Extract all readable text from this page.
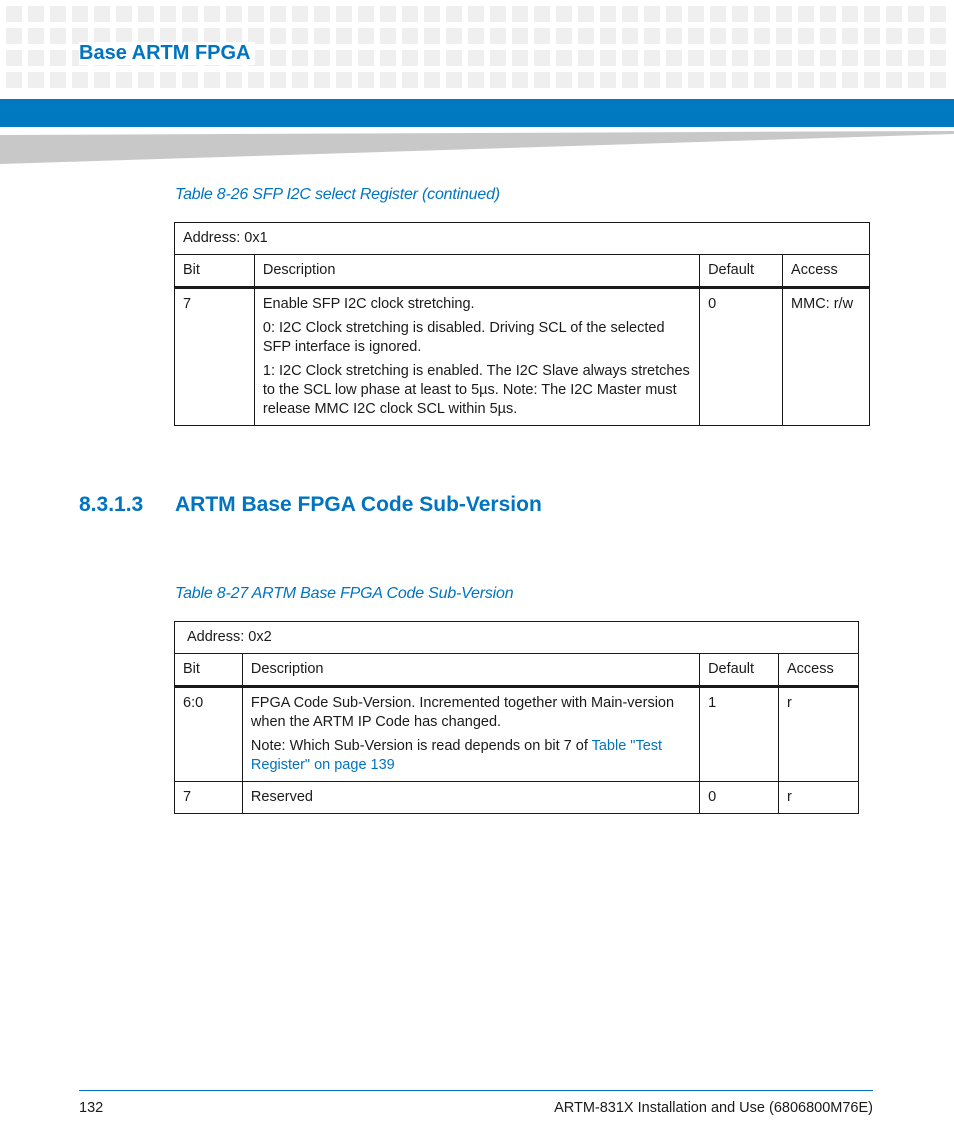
Base ARTM FPGA
Table 8-26 SFP I2C select Register (continued)
Address: 0x1			
Bit	Description	Default	Access
7	Enable SFP I2C clock stretching.

0: I2C Clock stretching is disabled. Driving SCL of the selected SFP interface is ignored.

1: I2C Clock stretching is enabled. The I2C Slave always stretches to the SCL low phase at least to 5µs. Note: The I2C Master must release MMC I2C clock SCL within 5µs.	0	MMC: r/w
8.3.1.3 ARTM Base FPGA Code Sub-Version
Table 8-27 ARTM Base FPGA Code Sub-Version
Address: 0x2			
Bit	Description	Default	Access
6:0	FPGA Code Sub-Version. Incremented together with Main-version when the ARTM IP Code has changed.

Note: Which Sub-Version is read depends on bit 7 of Table "Test Register" on page 139	1	r
7	Reserved	0	r
132	ARTM-831X Installation and Use (6806800M76E)
